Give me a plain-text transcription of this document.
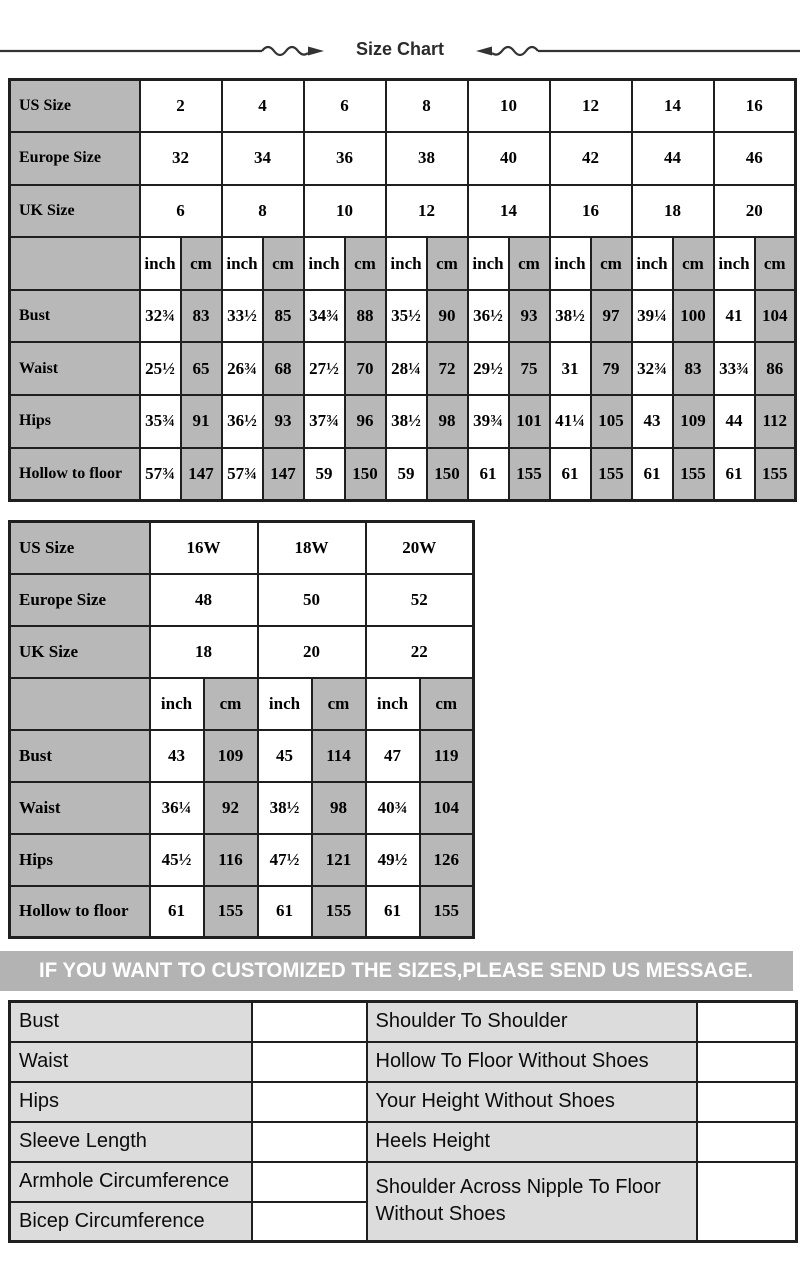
Size Chart
US Size	2		4		6		8		10		12		14		16	
Europe Size	32		34		36		38		40		42		44		46	
UK Size	6		8		10		12		14		16		18		20	
	inch	cm	inch	cm	inch	cm	inch	cm	inch	cm	inch	cm	inch	cm	inch	cm
Bust	32¾	83	33½	85	34¾	88	35½	90	36½	93	38½	97	39¼	100	41	104
Waist	25½	65	26¾	68	27½	70	28¼	72	29½	75	31	79	32¾	83	33¾	86
Hips	35¾	91	36½	93	37¾	96	38½	98	39¾	101	41¼	105	43	109	44	112
Hollow to floor	57¾	147	57¾	147	59	150	59	150	61	155	61	155	61	155	61	155
US Size	16W		18W		20W	
Europe Size	48		50		52	
UK Size	18		20		22	
	inch	cm	inch	cm	inch	cm
Bust	43	109	45	114	47	119
Waist	36¼	92	38½	98	40¾	104
Hips	45½	116	47½	121	49½	126
Hollow to floor	61	155	61	155	61	155
IF YOU WANT TO CUSTOMIZED THE SIZES,PLEASE SEND US MESSAGE.
Bust		Shoulder To Shoulder	
Waist		Hollow To Floor Without Shoes	
Hips		Your Height Without Shoes	
Sleeve Length		Heels Height	
Armhole Circumference		Shoulder Across Nipple To Floor Without Shoes	
Bicep Circumference			
